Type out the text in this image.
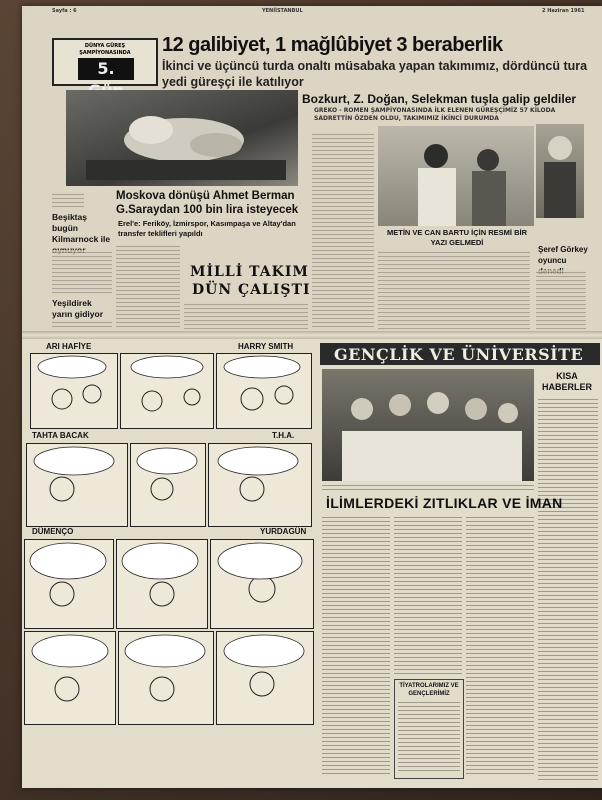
Sayfa : 6	YENİİSTANBUL	2 Haziran 1961
DÜNYA GÜREŞ
ŞAMPİYONASINDA
5.
12 galibiyet, 1 mağlûbiyet 3 beraberlik
İkinci ve üçüncü turda onaltı müsabaka yapan takımımız, dördüncü tura yedi güreşçi ile katılıyor
Bozkurt, Z. Doğan, Selekman tuşla galip geldiler
GREKO - ROMEN ŞAMPİYONASINDA İLK ELENEN GÜREŞÇİMİZ 57 KİLODA SADRETTİN ÖZDEN OLDU, TAKIMIMIZ İKİNCİ DURUMDA
Beşiktaş bugün Kilmarnock ile
Yeşildirek yarın gidiyor
Moskova dönüşü Ahmet Berman G.Saraydan 100 bin lira isteyecek
Erel'e: Feriköy, İzmirspor, Kasımpaşa ve Altay'dan transfer teklifleri yapıldı
MİLLİ TAKIM
DÜN ÇALIŞTI
METİN VE CAN BARTU İÇİN RESMİ BİR YAZI GELMEDİ
Şeref Görkey oyuncu
ARI HAFİYE	HARRY SMITH
TAHTA BACAK	T.H.A.
DÜMENÇO	YURDAGÜN
GENÇLİK VE ÜNİVERSİTE
KISA
HABERLER
İLİMLERDEKİ ZITLIKLAR VE İMAN
TİYATROLARIMIZ VE GENÇLERİMİZ
